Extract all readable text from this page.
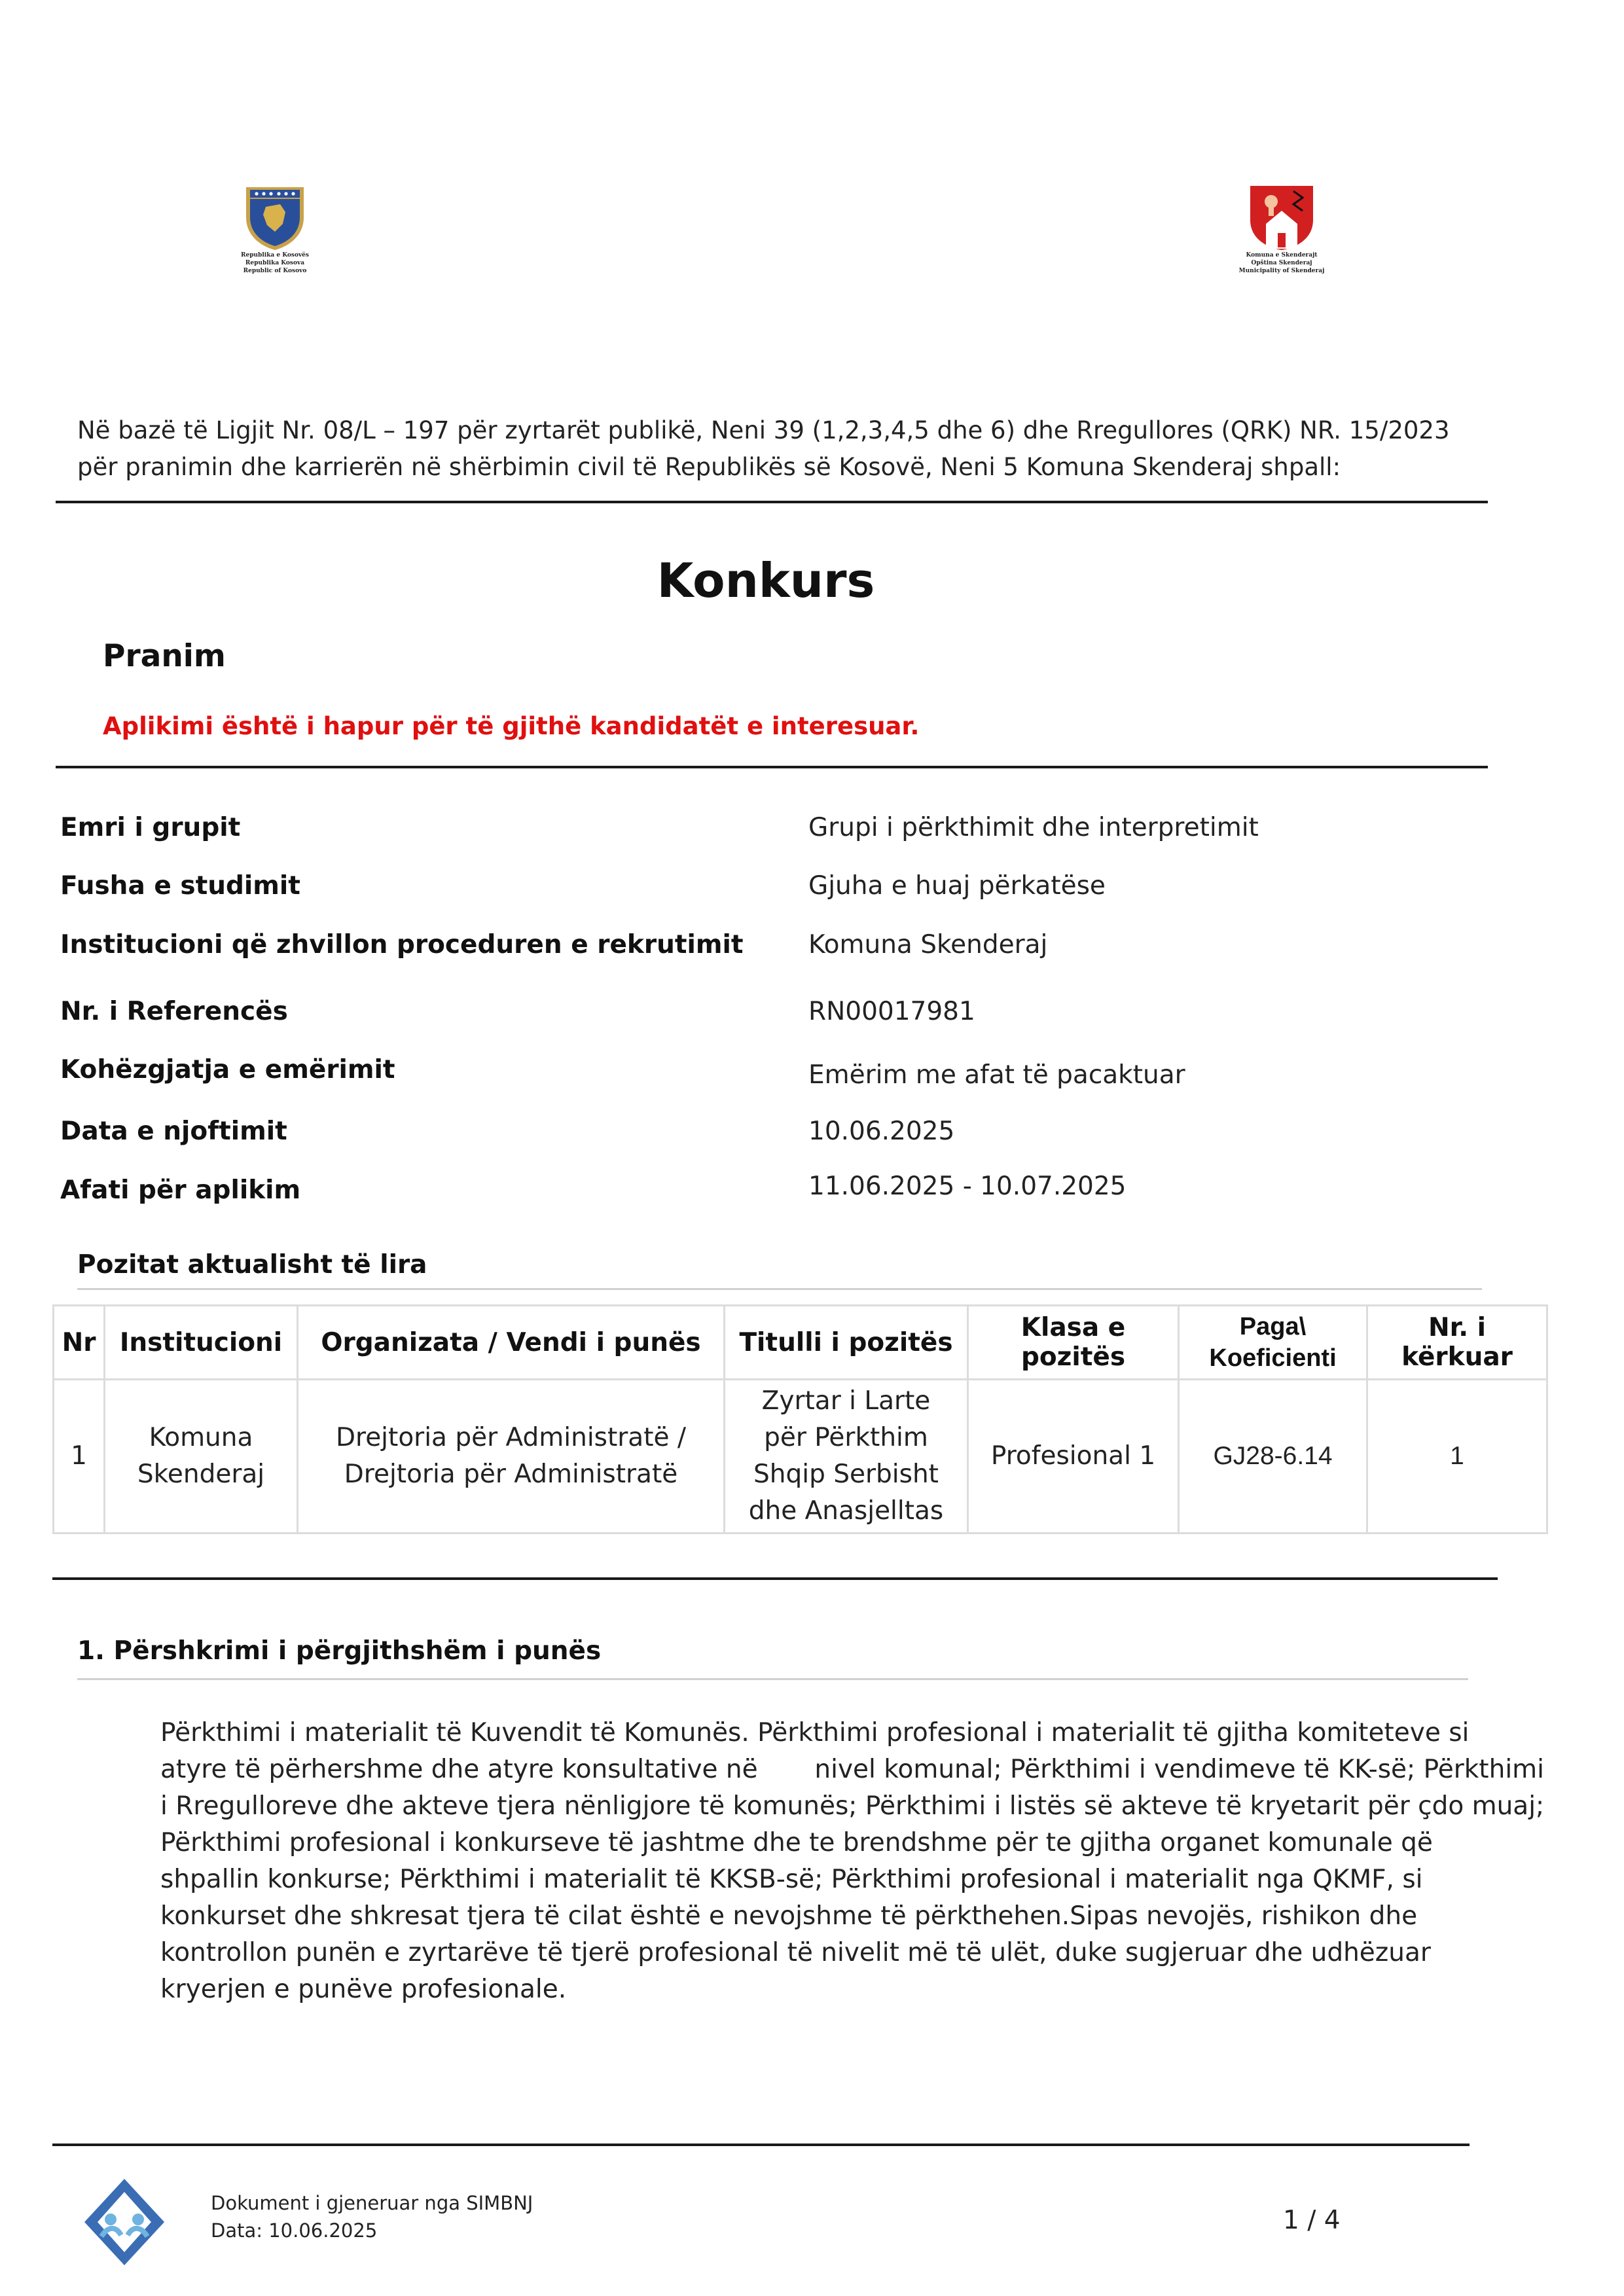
Republika e Kosovës
Republika Kosova
Republic of Kosovo
Komuna e Skenderajt
Opština Skenderaj
Municipality of Skenderaj
Në bazë të Ligjit Nr. 08/L – 197 për zyrtarët publikë, Neni 39 (1,2,3,4,5 dhe 6) dhe Rregullores (QRK) NR. 15/2023
për pranimin dhe karrierën në shërbimin civil të Republikës së Kosovë, Neni 5 Komuna Skenderaj shpall:
Konkurs
Pranim
Aplikimi është i hapur për të gjithë kandidatët e interesuar.
Emri i grupit	Grupi i përkthimit dhe interpretimit
Fusha e studimit	Gjuha e huaj përkatëse
Institucioni që zhvillon proceduren e rekrutimit	Komuna Skenderaj
Nr. i Referencës	RN00017981
Kohëzgjatja e emërimit	Emërim me afat të pacaktuar
Data e njoftimit	10.06.2025
Afati për aplikim	11.06.2025 - 10.07.2025
Pozitat aktualisht të lira
Nr	Institucioni	Organizata / Vendi i punës	Titulli i pozitës	Klasa e pozitës	Paga\ Koeficienti	Nr. i kërkuar
1	Komuna Skenderaj	Drejtoria për Administratë / Drejtoria për Administratë	Zyrtar i Larte për Përkthim Shqip Serbisht dhe Anasjelltas	Profesional 1	GJ28-6.14	1
1. Përshkrimi i përgjithshëm i punës
Përkthimi i materialit të Kuvendit të Komunës. Përkthimi profesional i materialit të gjitha komiteteve si
atyre të përhershme dhe atyre konsultative në       nivel komunal; Përkthimi i vendimeve të KK-së; Përkthimi
i Rregulloreve dhe akteve tjera nënligjore të komunës; Përkthimi i listës së akteve të kryetarit për çdo muaj;
Përkthimi profesional i konkurseve të jashtme dhe te brendshme për te gjitha organet komunale që
shpallin konkurse; Përkthimi i materialit të KKSB-së; Përkthimi profesional i materialit nga QKMF, si
konkurset dhe shkresat tjera të cilat është e nevojshme të përkthehen.Sipas nevojës, rishikon dhe
kontrollon punën e zyrtarëve të tjerë profesional të nivelit më të ulët, duke sugjeruar dhe udhëzuar
kryerjen e punëve profesionale.
Dokument i gjeneruar nga SIMBNJ
Data: 10.06.2025	1 / 4
